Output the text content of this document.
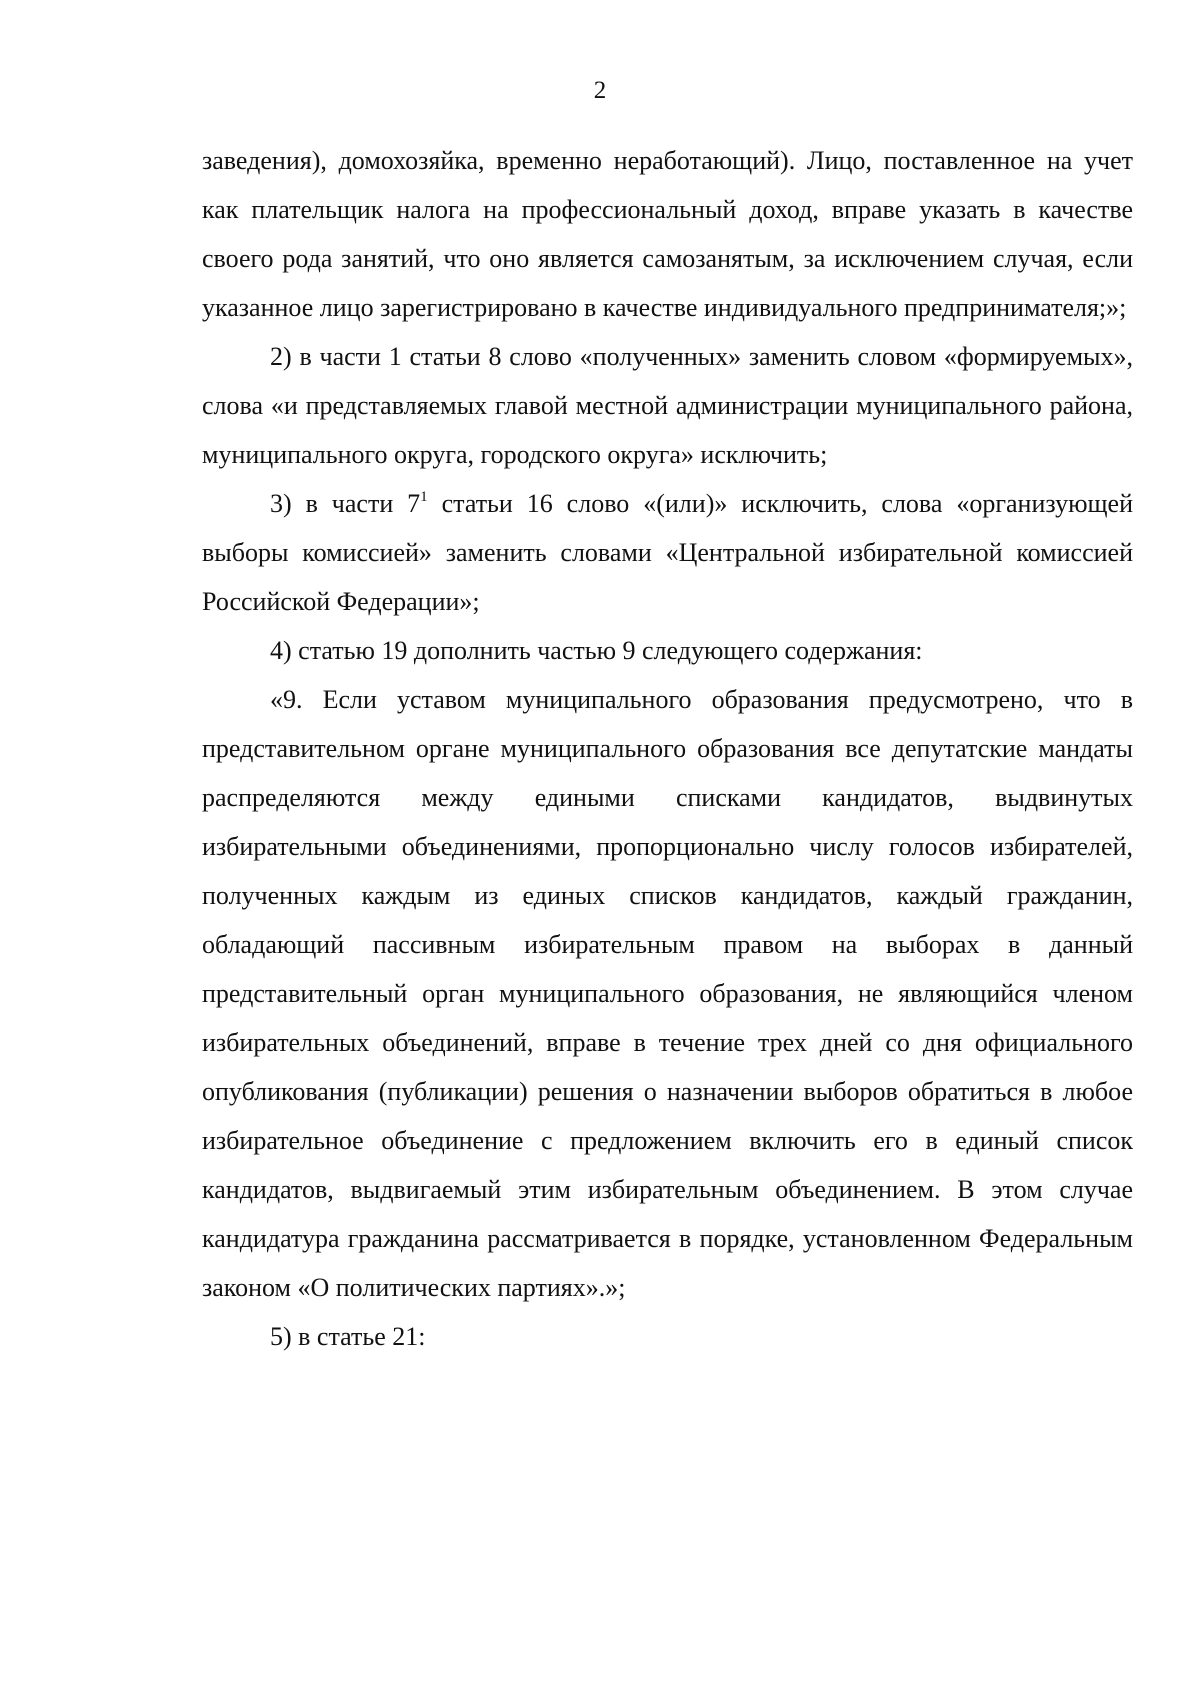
2

заведения), домохозяйка, временно неработающий). Лицо, поставленное на учет как плательщик налога на профессиональный доход, вправе указать в качестве своего рода занятий, что оно является самозанятым, за исключением случая, если указанное лицо зарегистрировано в качестве индивидуального предпринимателя;»;

2) в части 1 статьи 8 слово «полученных» заменить словом «формируемых», слова «и представляемых главой местной администрации муниципального района, муниципального округа, городского округа» исключить;

3) в части $7^1$ статьи 16 слово «(или)» исключить, слова «организующей выборы комиссией» заменить словами «Центральной избирательной комиссией Российской Федерации»;

4) статью 19 дополнить частью 9 следующего содержания:

«9. Если уставом муниципального образования предусмотрено, что в представительном органе муниципального образования все депутатские мандаты распределяются между едиными списками кандидатов, выдвинутых избирательными объединениями, пропорционально числу голосов избирателей, полученных каждым из единых списков кандидатов, каждый гражданин, обладающий пассивным избирательным правом на выборах в данный представительный орган муниципального образования, не являющийся членом избирательных объединений, вправе в течение трех дней со дня официального опубликования (публикации) решения о назначении выборов обратиться в любое избирательное объединение с предложением включить его в единый список кандидатов, выдвигаемый этим избирательным объединением. В этом случае кандидатура гражданина рассматривается в порядке, установленном Федеральным законом «О политических партиях».»;

5) в статье 21:
